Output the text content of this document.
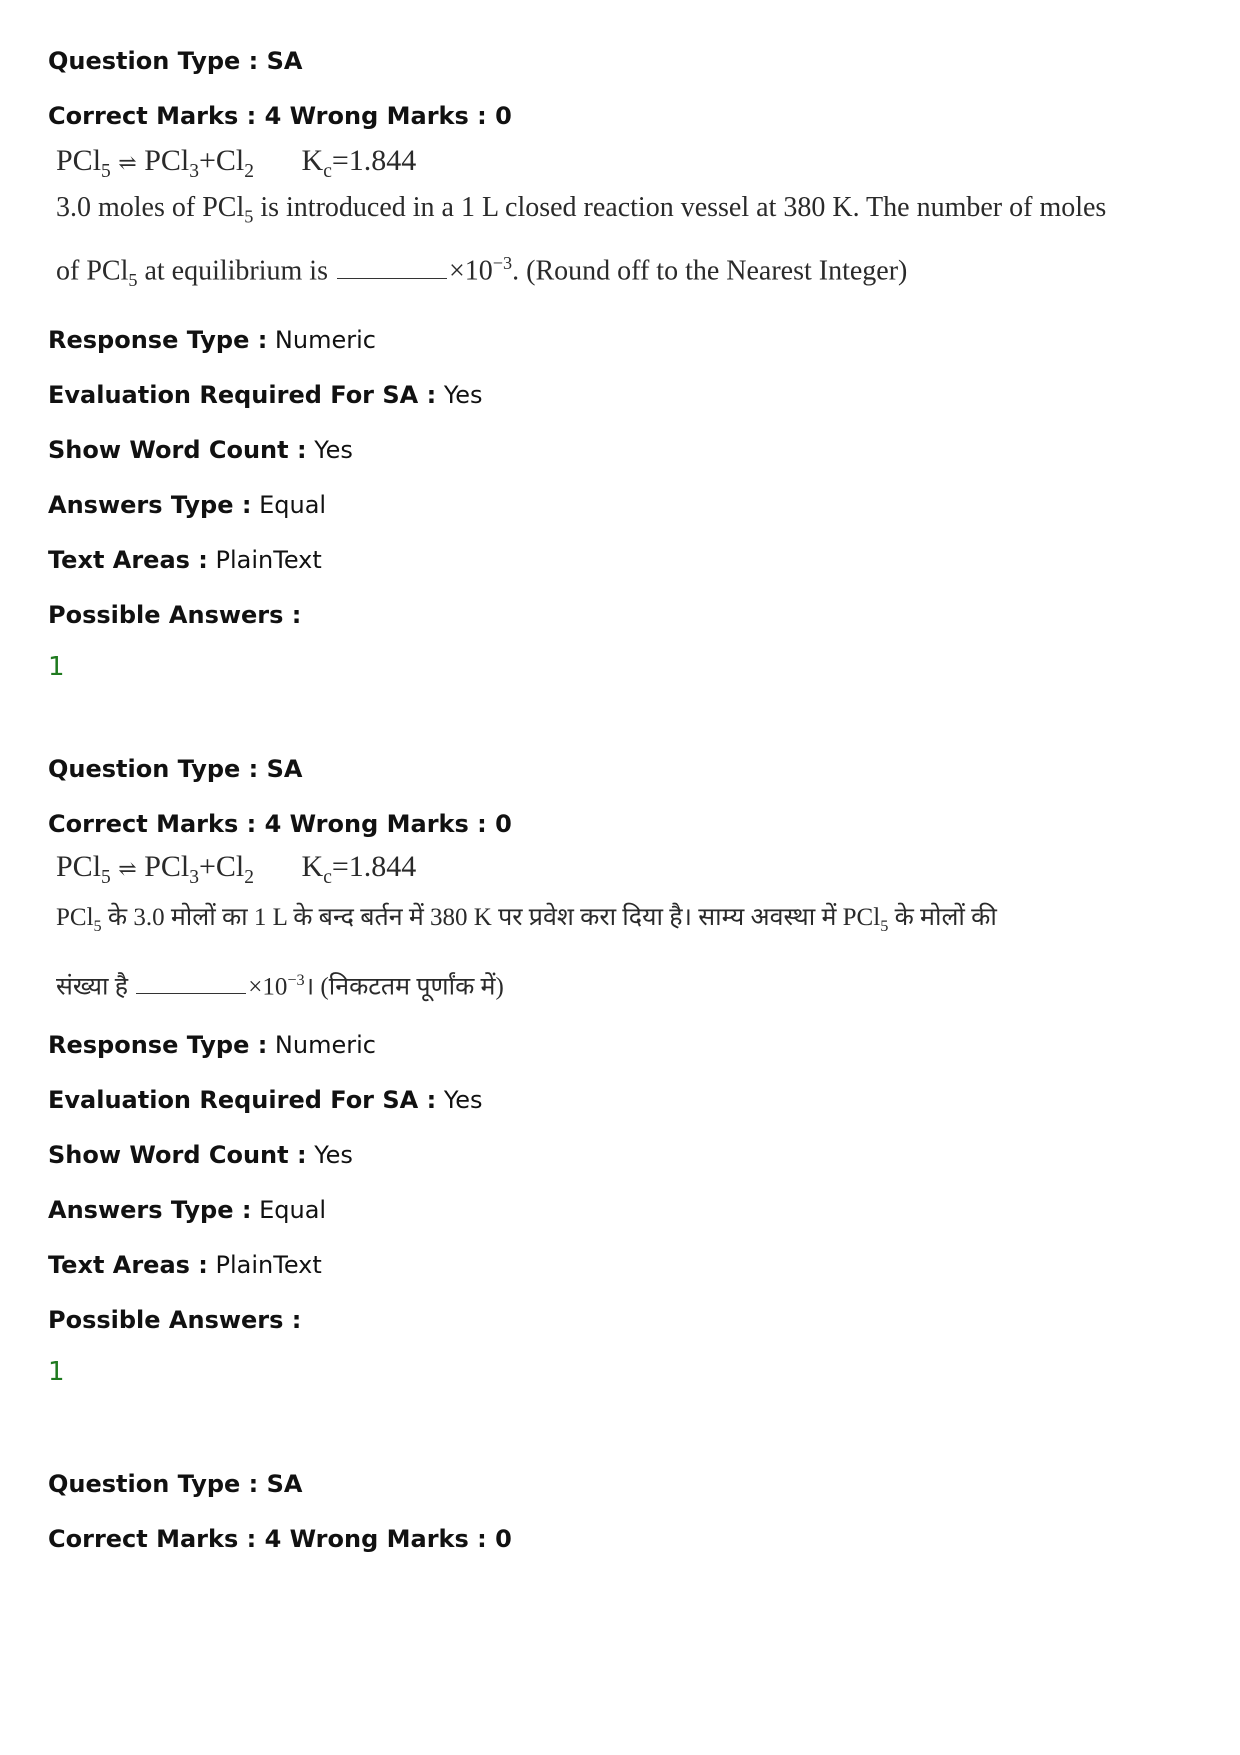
Question Type : SA

Correct Marks : 4 Wrong Marks : 0

PCl$_5$ ⇌ $PCl_3+Cl_2$ $K_c=1.844$
3.0 moles of PCl$_5$ is introduced in a 1 L closed reaction vessel at 380 K. The number of moles
of PCl$_5$ at equilibrium is	$\times 10^{-3}$. (Round off to the Nearest Integer)

Response Type : Numeric

Evaluation Required For SA : Yes

Show Word Count : Yes

Answers Type : Equal

Text Areas : PlainText

Possible Answers :

1

Question Type : SA

Correct Marks : 4 Wrong Marks : 0

PCl$_5$ ⇌ $PCl_3+Cl_2$ $K_c=1.844$
PCl$_5$ के 3.0 मोलों का 1 L के बन्द बर्तन में 380 K पर प्रवेश करा दिया है। साम्य अवस्था में PCl$_5$ के मोलों की
संख्या है	$\times 10^{-3}।$ (निकटतम पूर्णांक में)

Response Type : Numeric

Evaluation Required For SA : Yes

Show Word Count : Yes

Answers Type : Equal

Text Areas : PlainText

Possible Answers :

1

Question Type : SA

Correct Marks : 4 Wrong Marks : 0
